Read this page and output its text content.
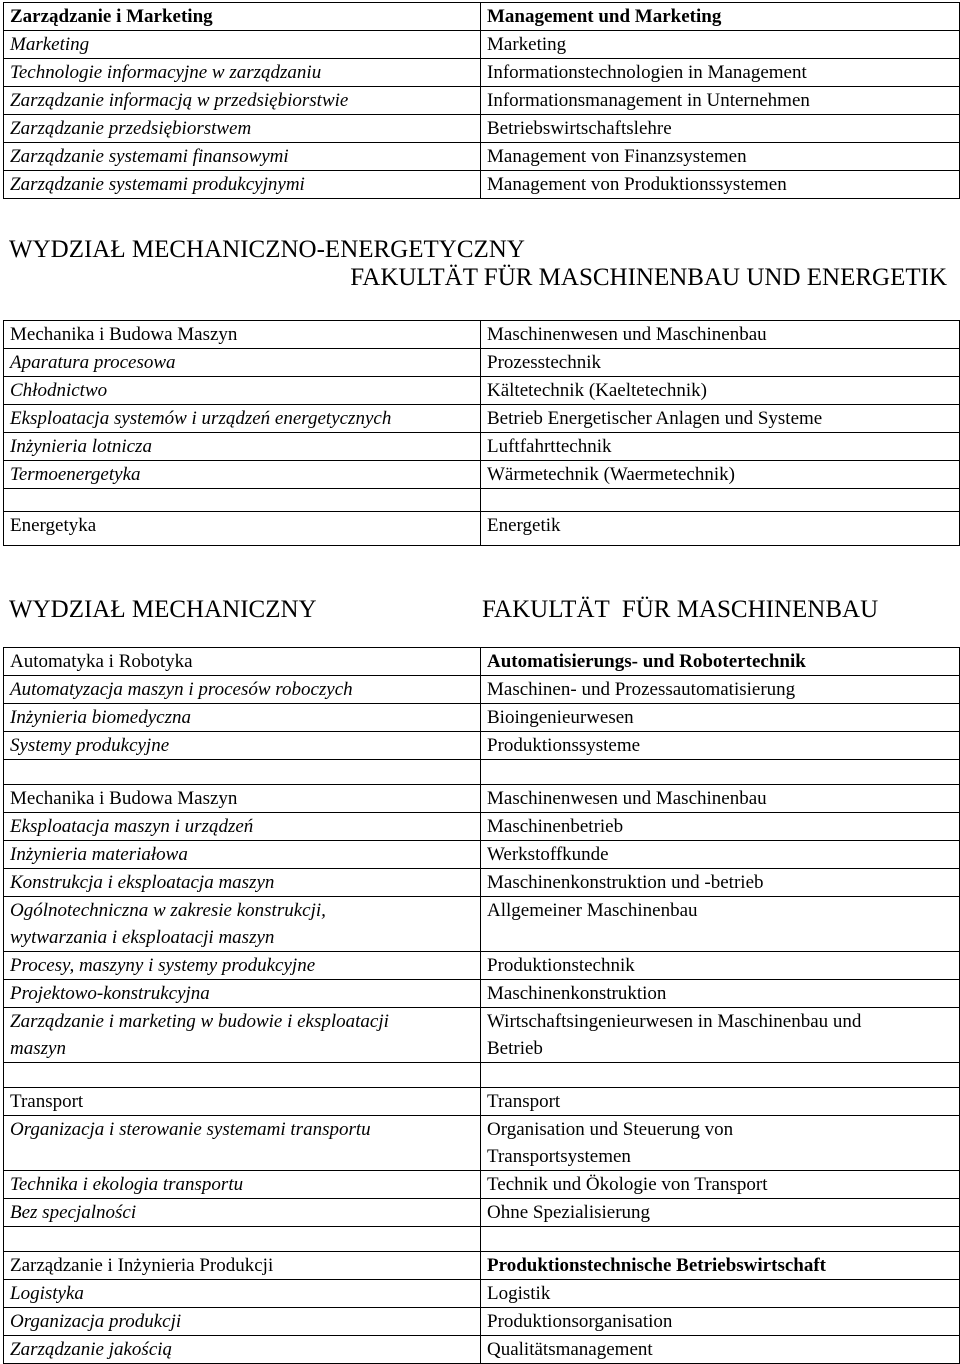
Zarządzanie i Marketing	Management und Marketing
Marketing	Marketing
Technologie informacyjne w zarządzaniu	Informationstechnologien in Management
Zarządzanie informacją w przedsiębiorstwie	Informationsmanagement in Unternehmen
Zarządzanie przedsiębiorstwem	Betriebswirtschaftslehre
Zarządzanie systemami finansowymi	Management von Finanzsystemen
Zarządzanie systemami produkcyjnymi	Management von Produktionssystemen
WYDZIAŁ MECHANICZNO-ENERGETYCZNY
FAKULTÄT FÜR MASCHINENBAU UND ENERGETIK
Mechanika i Budowa Maszyn	Maschinenwesen und Maschinenbau
Aparatura procesowa	Prozesstechnik
Chłodnictwo	Kältetechnik (Kaeltetechnik)
Eksploatacja systemów i urządzeń energetycznych	Betrieb Energetischer Anlagen und Systeme
Inżynieria lotnicza	Luftfahrttechnik
Termoenergetyka	Wärmetechnik (Waermetechnik)

Energetyka	Energetik
WYDZIAŁ MECHANICZNY	FAKULTÄT  FÜR MASCHINENBAU
Automatyka i Robotyka	Automatisierungs- und Robotertechnik
Automatyzacja maszyn i procesów roboczych	Maschinen- und Prozessautomatisierung
Inżynieria biomedyczna	Bioingenieurwesen
Systemy produkcyjne	Produktionssysteme

Mechanika i Budowa Maszyn	Maschinenwesen und Maschinenbau
Eksploatacja maszyn i urządzeń	Maschinenbetrieb
Inżynieria materiałowa	Werkstoffkunde
Konstrukcja i eksploatacja maszyn	Maschinenkonstruktion und -betrieb
Ogólnotechniczna w zakresie konstrukcji,
wytwarzania i eksploatacji maszyn	Allgemeiner Maschinenbau
Procesy, maszyny i systemy produkcyjne	Produktionstechnik
Projektowo-konstrukcyjna	Maschinenkonstruktion
Zarządzanie i marketing w budowie i eksploatacji
maszyn	Wirtschaftsingenieurwesen in Maschinenbau und
Betrieb

Transport	Transport
Organizacja i sterowanie systemami transportu	Organisation und Steuerung von
Transportsystemen
Technika i ekologia transportu	Technik und Ökologie von Transport
Bez specjalności	Ohne Spezialisierung

Zarządzanie i Inżynieria Produkcji	Produktionstechnische Betriebswirtschaft
Logistyka	Logistik
Organizacja produkcji	Produktionsorganisation
Zarządzanie jakością	Qualitätsmanagement
